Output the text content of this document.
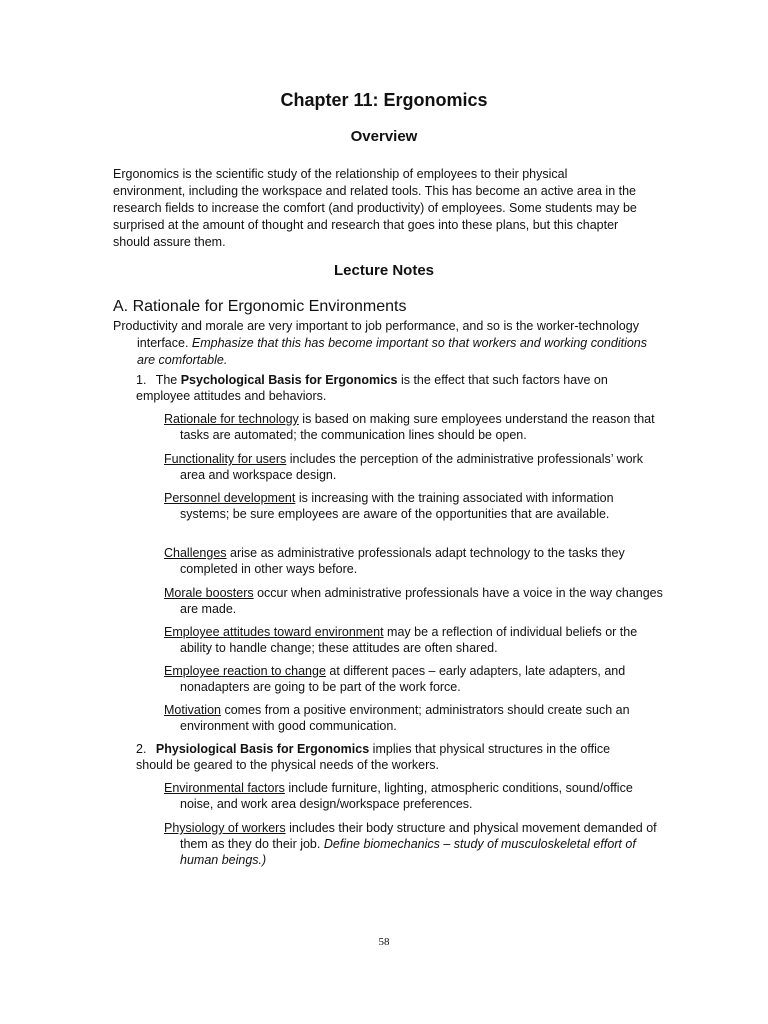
Chapter 11: Ergonomics
Overview

Ergonomics is the scientific study of the relationship of employees to their physical environment, including the workspace and related tools. This has become an active area in the research fields to increase the comfort (and productivity) of employees. Some students may be surprised at the amount of thought and research that goes into these plans, but this chapter should assure them.

Lecture Notes
A. Rationale for Ergonomic Environments

Productivity and morale are very important to job performance, and so is the worker-technology interface. Emphasize that this has become important so that workers and working conditions are comfortable.

1. The Psychological Basis for Ergonomics is the effect that such factors have on employee attitudes and behaviors.

Rationale for technology is based on making sure employees understand the reason that tasks are automated; the communication lines should be open.

Functionality for users includes the perception of the administrative professionals’ work area and workspace design.

Personnel development is increasing with the training associated with information systems; be sure employees are aware of the opportunities that are available.

Challenges arise as administrative professionals adapt technology to the tasks they completed in other ways before.

Morale boosters occur when administrative professionals have a voice in the way changes are made.

Employee attitudes toward environment may be a reflection of individual beliefs or the ability to handle change; these attitudes are often shared.

Employee reaction to change at different paces – early adapters, late adapters, and nonadapters are going to be part of the work force.

Motivation comes from a positive environment; administrators should create such an environment with good communication.

2. Physiological Basis for Ergonomics implies that physical structures in the office should be geared to the physical needs of the workers.

Environmental factors include furniture, lighting, atmospheric conditions, sound/office noise, and work area design/workspace preferences.

Physiology of workers includes their body structure and physical movement demanded of them as they do their job. Define biomechanics – study of musculoskeletal effort of human beings.)

58
